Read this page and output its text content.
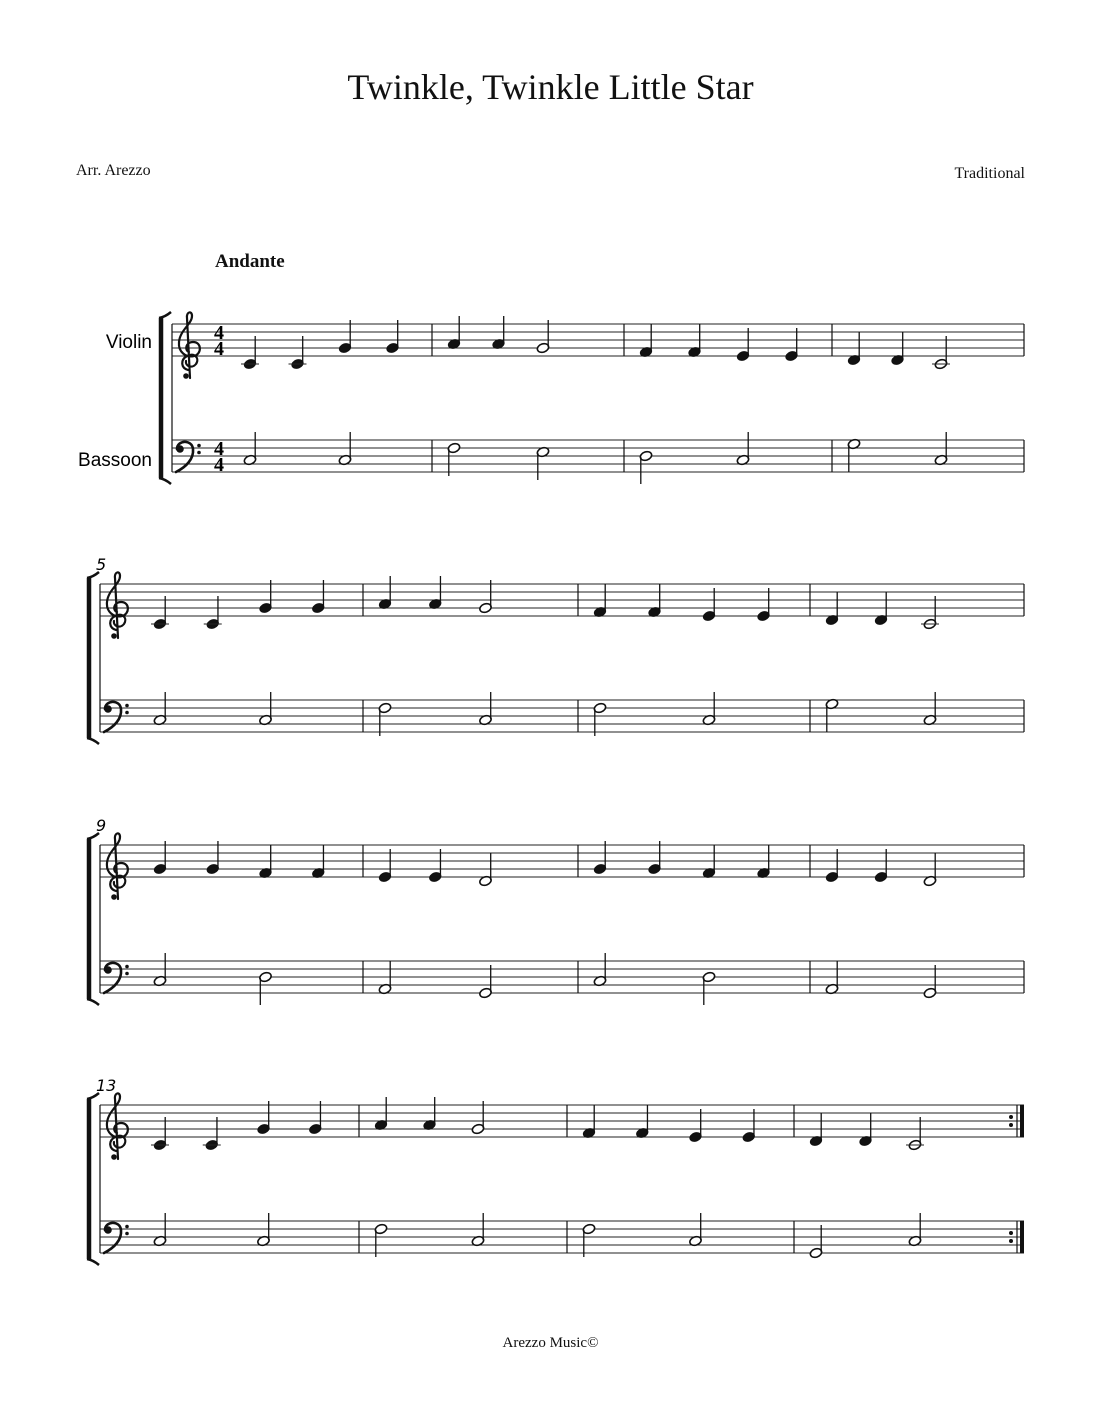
Twinkle, Twinkle Little Star
Arr. Arezzo	Traditional
Andante
Arezzo Music©
4
4
4
4
Violin
Bassoon
5
9
13
